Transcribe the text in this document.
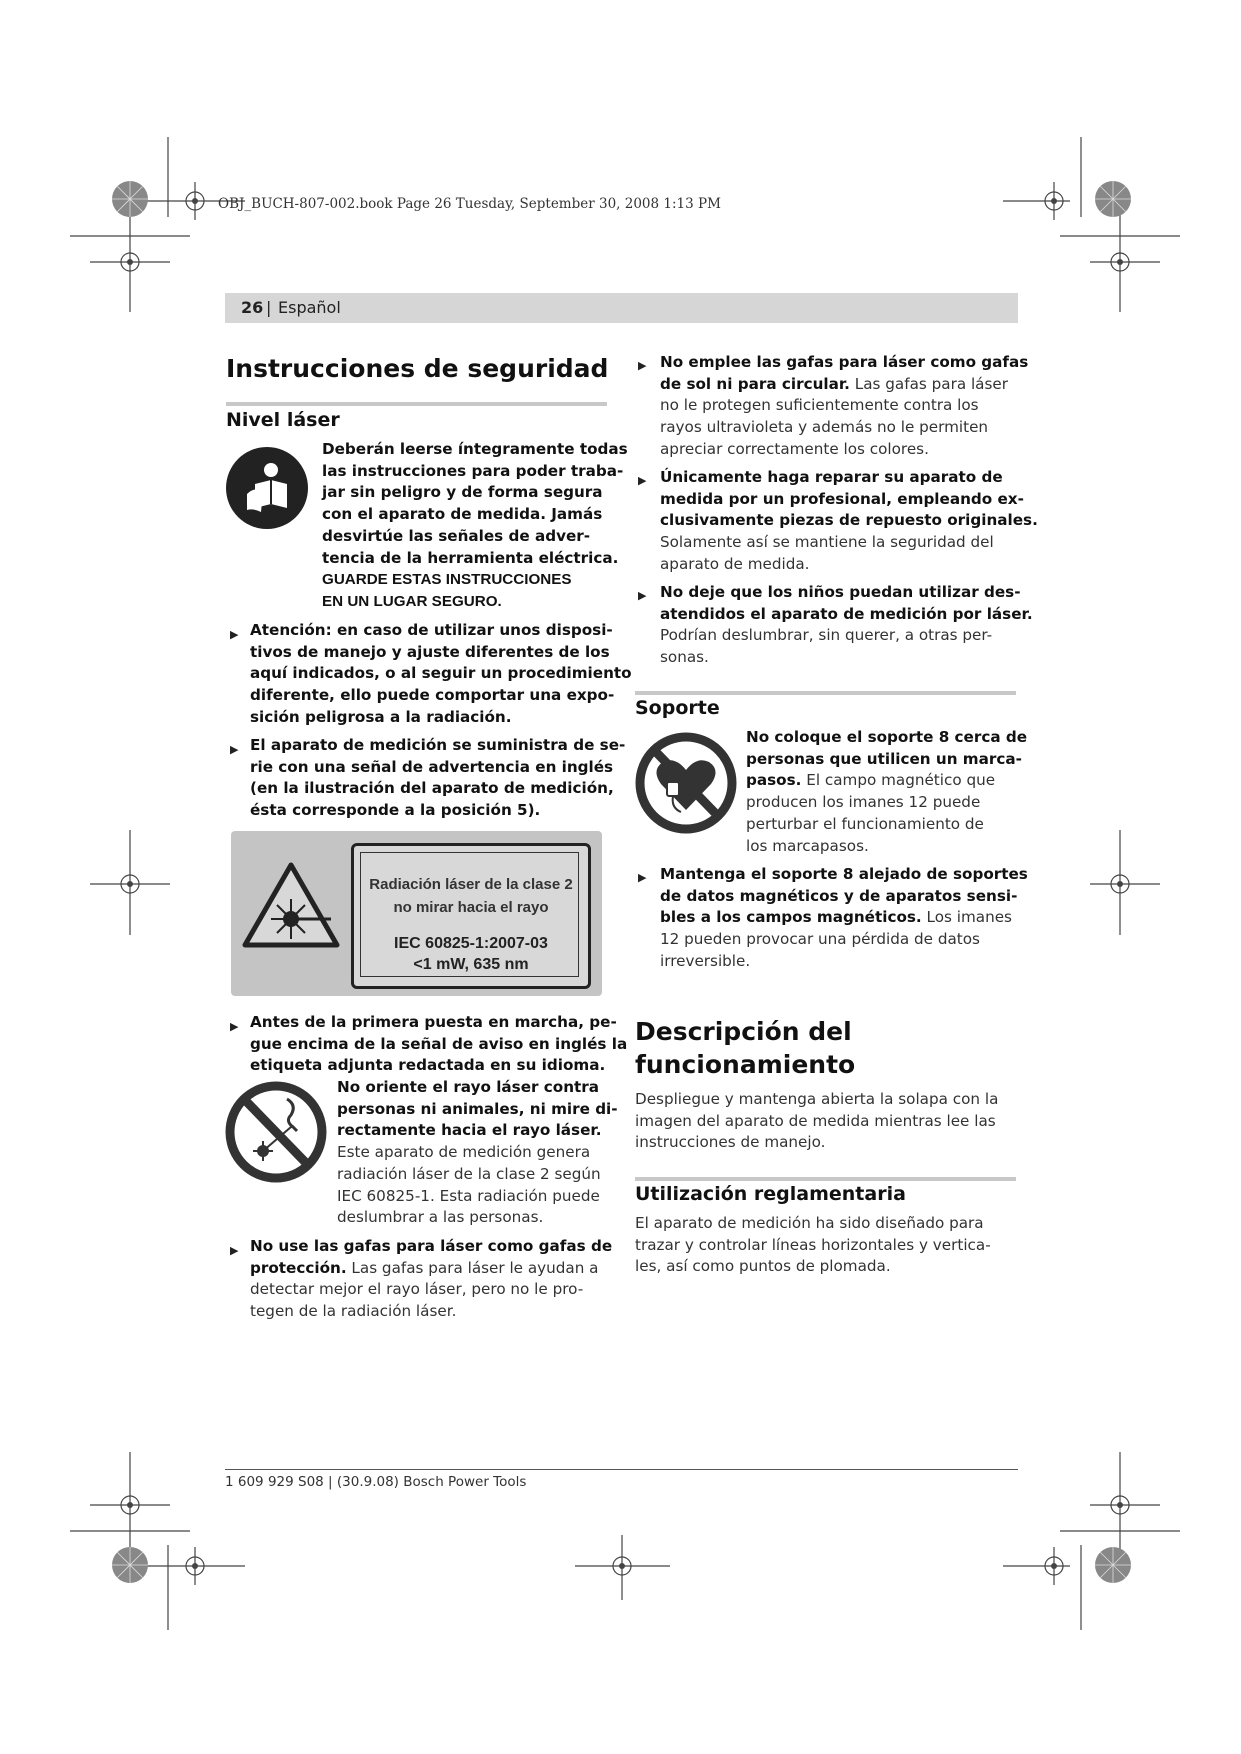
OBJ_BUCH-807-002.book Page 26 Tuesday, September 30, 2008 1:13 PM
26 | Español
Instrucciones de seguridad
Nivel láser
Deberán leerse íntegramente todas
las instrucciones para poder traba-
jar sin peligro y de forma segura
con el aparato de medida. Jamás
desvirtúe las señales de adver-
tencia de la herramienta eléctrica.
GUARDE ESTAS INSTRUCCIONES
EN UN LUGAR SEGURO.
▶ Atención: en caso de utilizar unos disposi-
tivos de manejo y ajuste diferentes de los
aquí indicados, o al seguir un procedimiento
diferente, ello puede comportar una expo-
sición peligrosa a la radiación.
▶ El aparato de medición se suministra de se-
rie con una señal de advertencia en inglés
(en la ilustración del aparato de medición,
ésta corresponde a la posición 5).
Radiación láser de la clase 2
no mirar hacia el rayo
IEC 60825-1:2007-03
<1 mW, 635 nm
▶ Antes de la primera puesta en marcha, pe-
gue encima de la señal de aviso en inglés la
etiqueta adjunta redactada en su idioma.
No oriente el rayo láser contra
personas ni animales, ni mire di-
rectamente hacia el rayo láser.
Este aparato de medición genera
radiación láser de la clase 2 según
IEC 60825-1. Esta radiación puede
deslumbrar a las personas.
▶ No use las gafas para láser como gafas de
protección. Las gafas para láser le ayudan a
detectar mejor el rayo láser, pero no le pro-
tegen de la radiación láser.
▶ No emplee las gafas para láser como gafas
de sol ni para circular. Las gafas para láser
no le protegen suficientemente contra los
rayos ultravioleta y además no le permiten
apreciar correctamente los colores.
▶ Únicamente haga reparar su aparato de
medida por un profesional, empleando ex-
clusivamente piezas de repuesto originales.
Solamente así se mantiene la seguridad del
aparato de medida.
▶ No deje que los niños puedan utilizar des-
atendidos el aparato de medición por láser.
Podrían deslumbrar, sin querer, a otras per-
sonas.
Soporte
No coloque el soporte 8 cerca de
personas que utilicen un marca-
pasos. El campo magnético que
producen los imanes 12 puede
perturbar el funcionamiento de
los marcapasos.
▶ Mantenga el soporte 8 alejado de soportes
de datos magnéticos y de aparatos sensi-
bles a los campos magnéticos. Los imanes
12 pueden provocar una pérdida de datos
irreversible.
Descripción del
funcionamiento
Despliegue y mantenga abierta la solapa con la
imagen del aparato de medida mientras lee las
instrucciones de manejo.
Utilización reglamentaria
El aparato de medición ha sido diseñado para
trazar y controlar líneas horizontales y vertica-
les, así como puntos de plomada.
1 609 929 S08 | (30.9.08) Bosch Power Tools
